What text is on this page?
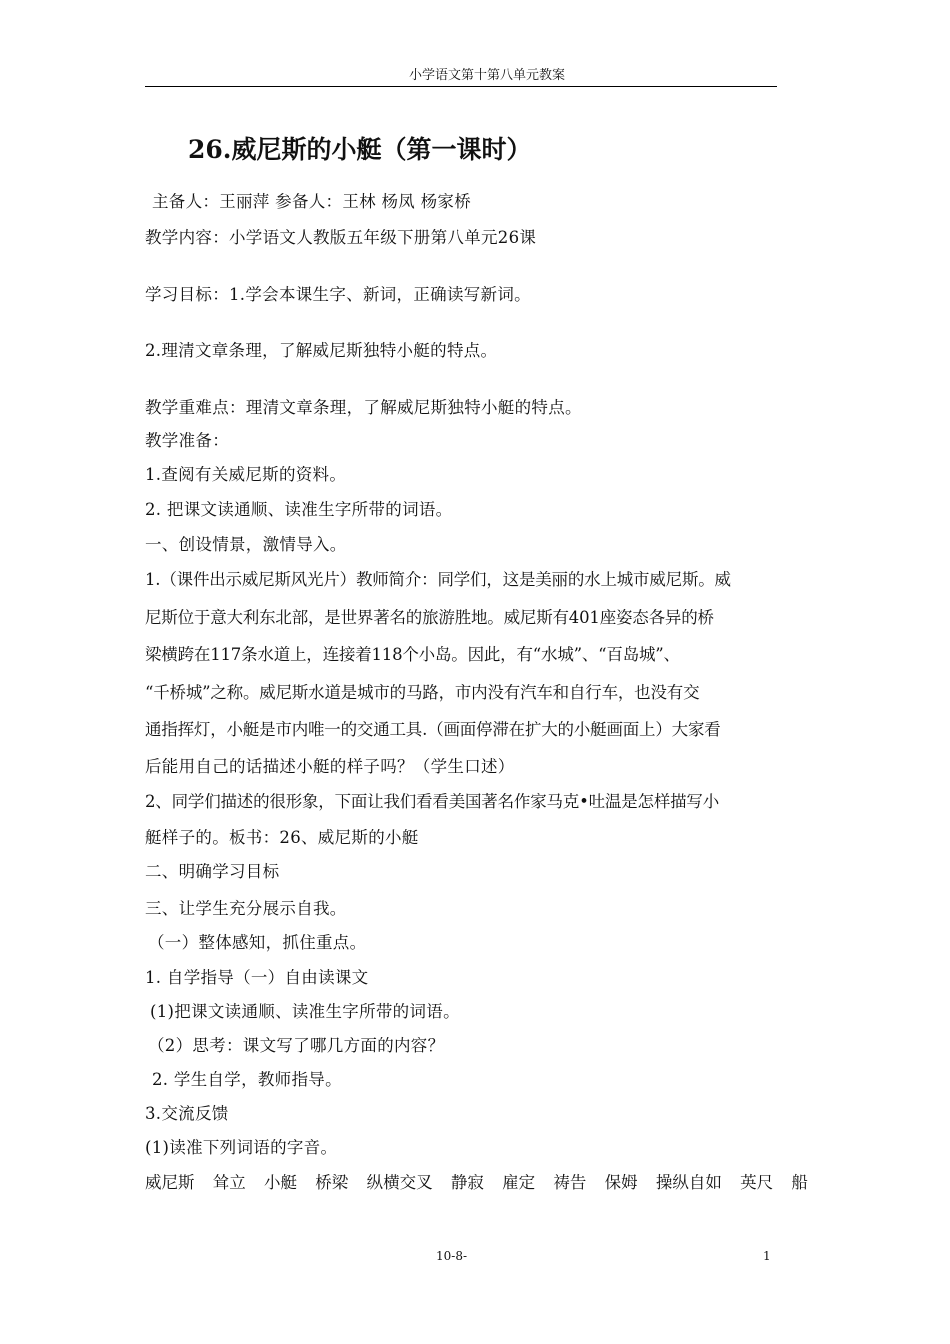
小学语文第十第八单元教案
26.威尼斯的小艇（第一课时）
主备人：王丽萍 参备人：王林 杨凤 杨家桥
教学内容：小学语文人教版五年级下册第八单元26课
学习目标：1.学会本课生字、新词，正确读写新词。
2.理清文章条理，了解威尼斯独特小艇的特点。
教学重难点：理清文章条理，了解威尼斯独特小艇的特点。
教学准备：
1.查阅有关威尼斯的资料。
2. 把课文读通顺、读准生字所带的词语。
一、创设情景，激情导入。
1.（课件出示威尼斯风光片）教师简介：同学们，这是美丽的水上城市威尼斯。威
尼斯位于意大利东北部，是世界著名的旅游胜地。威尼斯有401座姿态各异的桥
梁横跨在117条水道上，连接着118个小岛。因此，有“水城”、“百岛城”、
“千桥城”之称。威尼斯水道是城市的马路，市内没有汽车和自行车，也没有交
通指挥灯，小艇是市内唯一的交通工具.（画面停滞在扩大的小艇画面上）大家看
后能用自己的话描述小艇的样子吗？（学生口述）
2、同学们描述的很形象，下面让我们看看美国著名作家马克•吐温是怎样描写小
艇样子的。板书：26、威尼斯的小艇
二、明确学习目标
三、让学生充分展示自我。
（一）整体感知，抓住重点。
1. 自学指导（一）自由读课文
(1)把课文读通顺、读准生字所带的词语。
（2）思考：课文写了哪几方面的内容？
2. 学生自学，教师指导。
3.交流反馈
(1)读准下列词语的字音。
威尼斯 耸立 小艇 桥梁 纵横交叉 静寂 雇定 祷告 保姆 操纵自如 英尺 船
10-8-	1
